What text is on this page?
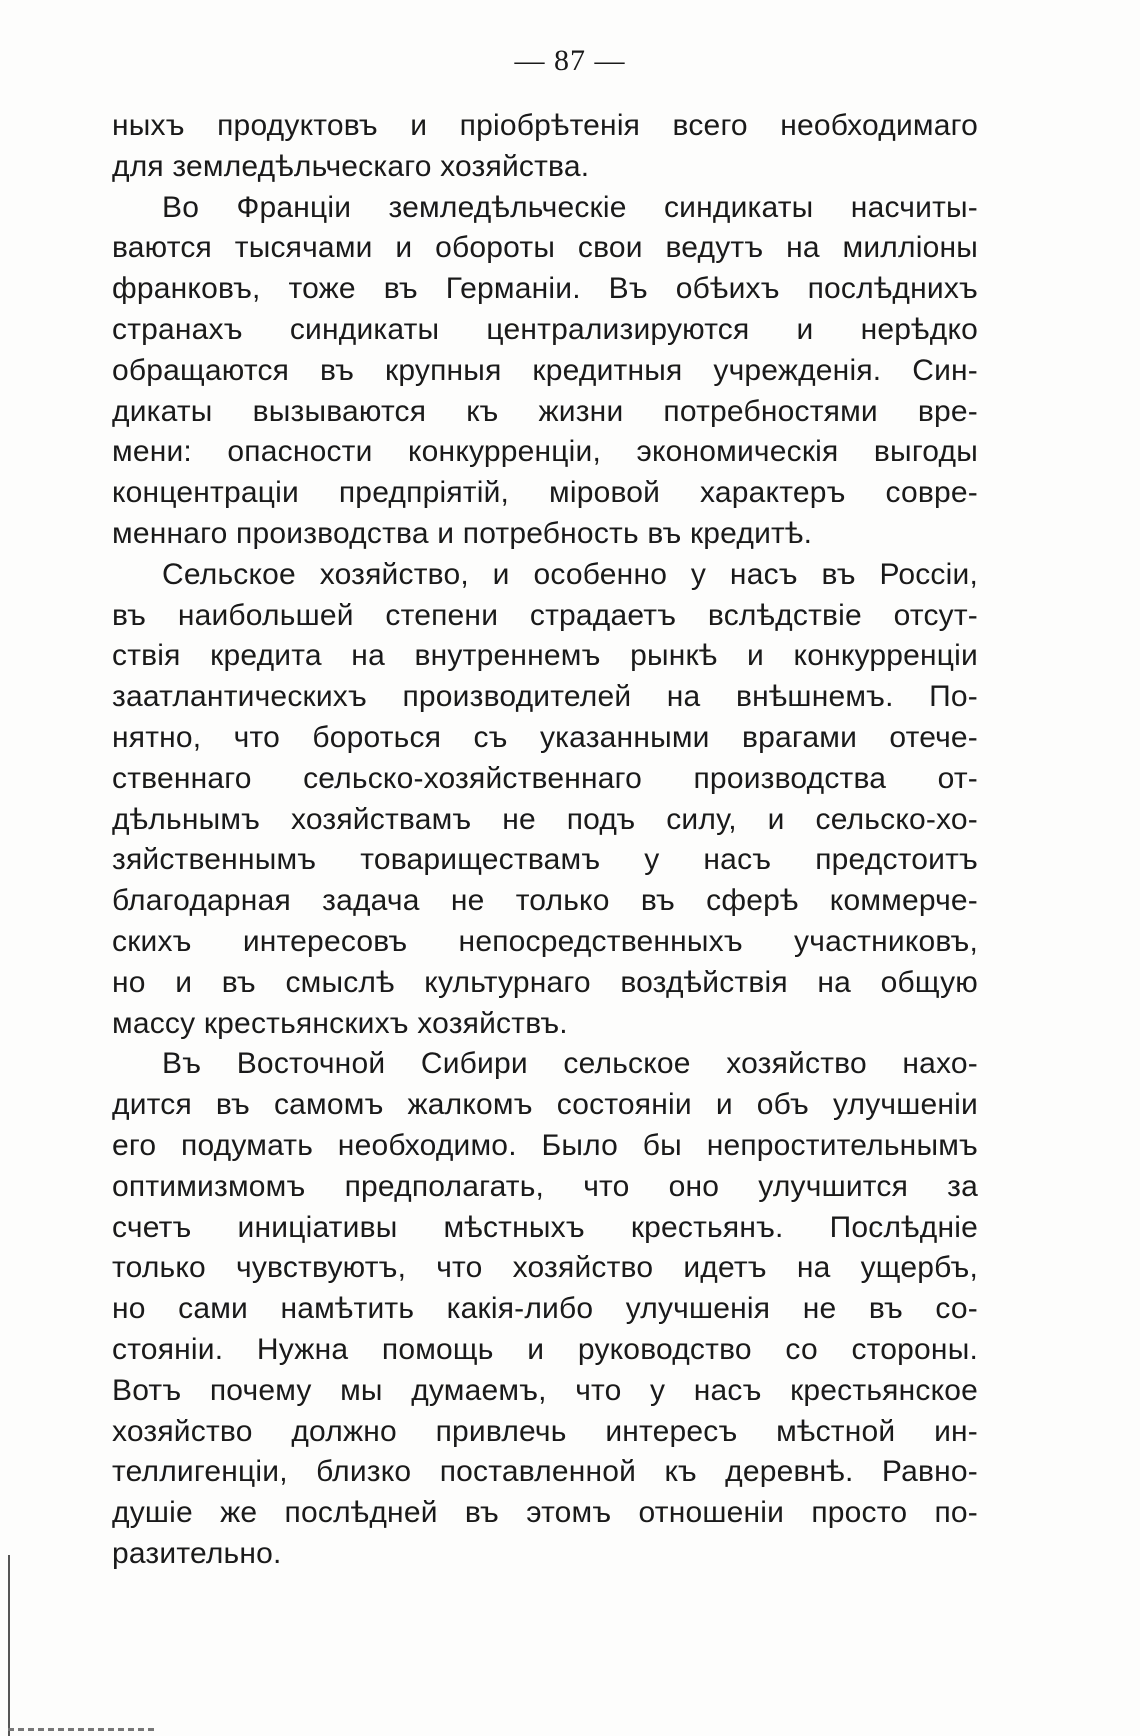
— 87 —
ныхъ продуктовъ и пріобрѣтенія всего необходимаго
для земледѣльческаго хозяйства.
Во Франціи земледѣльческіе синдикаты насчиты-
ваются тысячами и обороты свои ведутъ на милліоны
франковъ, тоже въ Германіи. Въ обѣихъ послѣднихъ
странахъ синдикаты централизируются и нерѣдко
обращаются въ крупныя кредитныя учрежденія. Син-
дикаты вызываются къ жизни потребностями вре-
мени: опасности конкурренціи, экономическія выгоды
концентраціи предпріятій, міровой характеръ совре-
меннаго производства и потребность въ кредитѣ.
Сельское хозяйство, и особенно у насъ въ Россіи,
въ наибольшей степени страдаетъ вслѣдствіе отсут-
ствія кредита на внутреннемъ рынкѣ и конкурренціи
заатлантическихъ производителей на внѣшнемъ. По-
нятно, что бороться съ указанными врагами отече-
ственнаго сельско-хозяйственнаго производства от-
дѣльнымъ хозяйствамъ не подъ силу, и сельско-хо-
зяйственнымъ товариществамъ у насъ предстоитъ
благодарная задача не только въ сферѣ коммерче-
скихъ интересовъ непосредственныхъ участниковъ,
но и въ смыслѣ культурнаго воздѣйствія на общую
массу крестьянскихъ хозяйствъ.
Въ Восточной Сибири сельское хозяйство нахо-
дится въ самомъ жалкомъ состояніи и объ улучшеніи
его подумать необходимо. Было бы непростительнымъ
оптимизмомъ предполагать, что оно улучшится за
счетъ иниціативы мѣстныхъ крестьянъ. Послѣдніе
только чувствуютъ, что хозяйство идетъ на ущербъ,
но сами намѣтить какія-либо улучшенія не въ со-
стояніи. Нужна помощь и руководство со стороны.
Вотъ почему мы думаемъ, что у насъ крестьянское
хозяйство должно привлечь интересъ мѣстной ин-
теллигенціи, близко поставленной къ деревнѣ. Равно-
душіе же послѣдней въ этомъ отношеніи просто по-
разительно.
